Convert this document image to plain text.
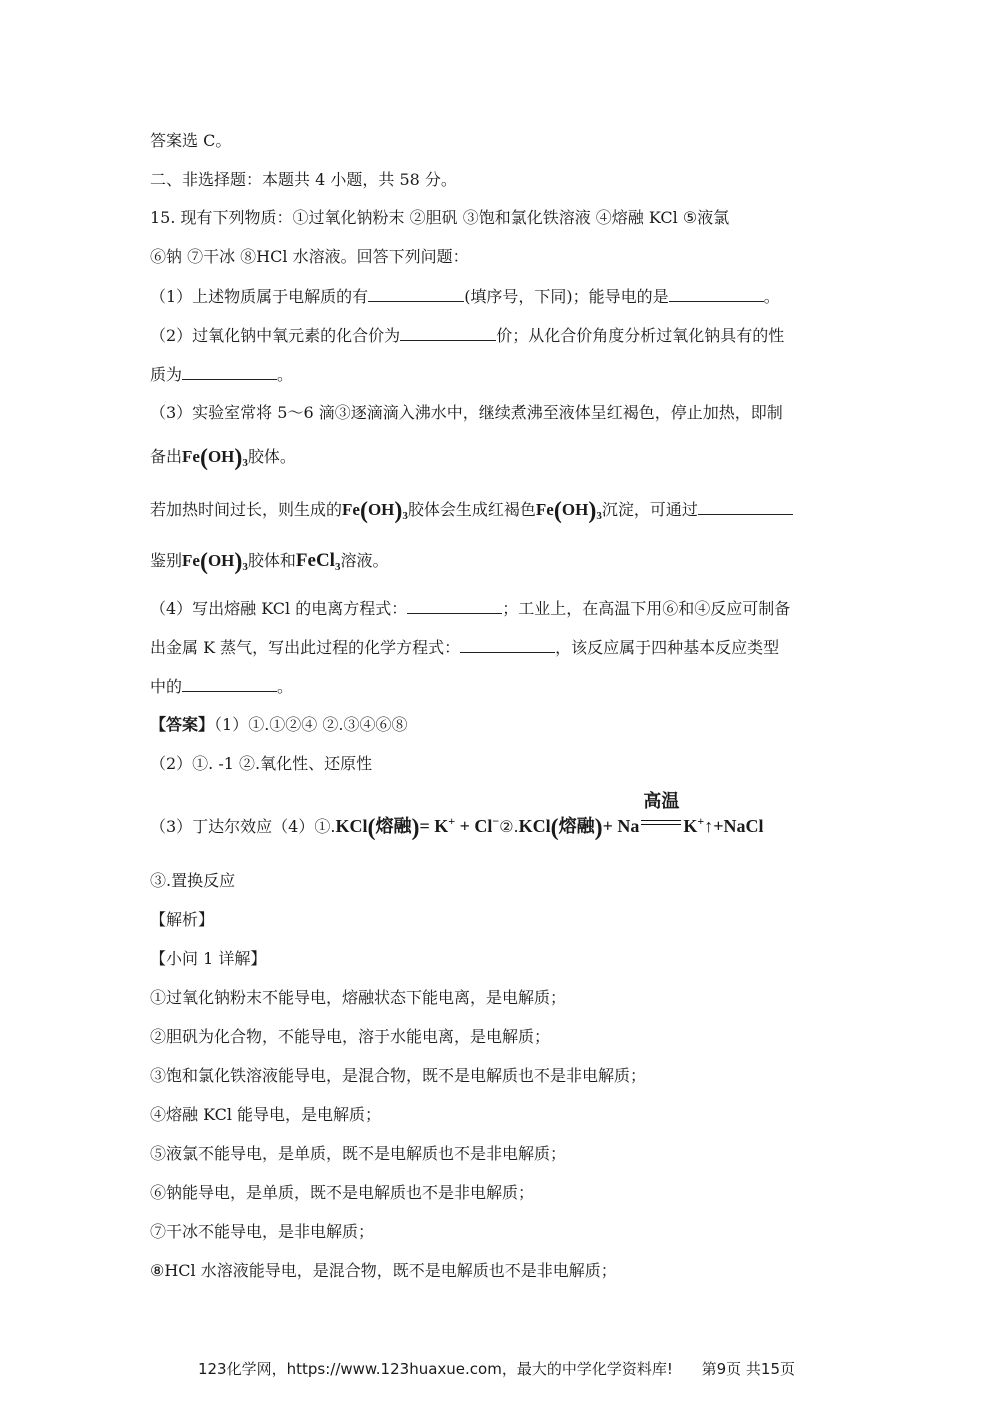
答案选 C。
二、非选择题：本题共 4 小题，共 58 分。
15. 现有下列物质：①过氧化钠粉末 ②胆矾 ③饱和氯化铁溶液 ④熔融 KCl ⑤液氯
⑥钠 ⑦干冰 ⑧HCl 水溶液。回答下列问题：
（1）上述物质属于电解质的有	(填序号，下同)；能导电的是	。
（2）过氧化钠中氧元素的化合价为	价；从化合价角度分析过氧化钠具有的性
质为	。
（3）实验室常将 5～6 滴③逐滴滴入沸水中，继续煮沸至液体呈红褐色，停止加热，即制
备出$Fe(OH)_3$胶体。
若加热时间过长，则生成的$Fe(OH)_3$胶体会生成红褐色$Fe(OH)_3$沉淀，可通过
鉴别$Fe(OH)_3$胶体和FeCl$_3$溶液。
（4）写出熔融 KCl 的电离方程式：	；工业上，在高温下用⑥和④反应可制备
出金属 K 蒸气，写出此过程的化学方程式：	，该反应属于四种基本反应类型
中的	。
【答案】（1）①.①②④ ②.③④⑥⑧
（2）①. -1 ②.氧化性、还原性
（3）丁达尔效应（4）①.KCl(熔融)= K+ + Cl−②.KCl(熔融)+ Na
高温
K+↑+NaCl
③.置换反应
【解析】
【小问 1 详解】
①过氧化钠粉末不能导电，熔融状态下能电离，是电解质；
②胆矾为化合物，不能导电，溶于水能电离，是电解质；
③饱和氯化铁溶液能导电，是混合物，既不是电解质也不是非电解质；
④熔融 KCl 能导电，是电解质；
⑤液氯不能导电，是单质，既不是电解质也不是非电解质；
⑥钠能导电，是单质，既不是电解质也不是非电解质；
⑦干冰不能导电，是非电解质；
⑧HCl 水溶液能导电，是混合物，既不是电解质也不是非电解质；
123化学网，https://www.123huaxue.com，最大的中学化学资料库! 第9页 共15页
